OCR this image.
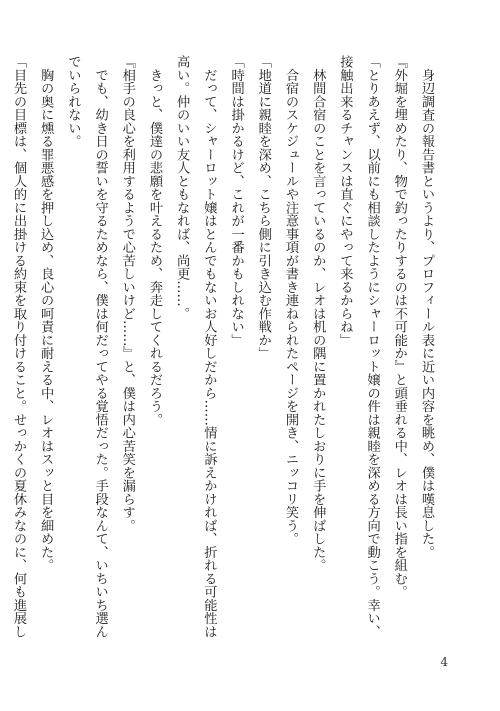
　身辺調査の報告書というより、プロフィール表に近い内容を眺め、僕は嘆息した。
『外堀を埋めたり、物で釣ったりするのは不可能か』と頭垂れる中、レオは長い指を組む。
「とりあえず、以前にも相談したようにシャーロット嬢の件は親睦を深める方向で動こう。幸い、
接触出来るチャンスは直ぐにやって来るからね」
　林間合宿のことを言っているのか、レオは机の隅に置かれたしおりに手を伸ばした。
　合宿のスケジュールや注意事項が書き連ねられたページを開き、ニッコリ笑う。
「地道に親睦を深め、こちら側に引き込む作戦か」
「時間は掛かるけど、これが一番かもしれない」
　だって、シャーロット嬢はとんでもないお人好しだから……情に訴えかければ、折れる可能性は
高い。仲のいい友人ともなれば、尚更……。
　きっと、僕達の悲願を叶えるため、奔走してくれるだろう。
『相手の良心を利用するようで心苦しいけど……』と、僕は内心苦笑を漏らす。
　でも、幼き日の誓いを守るためなら、僕は何だってやる覚悟だった。手段なんて、いちいち選ん
でいられない。
　胸の奥に燻る罪悪感を押し込め、良心の呵責に耐える中、レオはスッと目を細めた。
「目先の目標は、個人的に出掛ける約束を取り付けること。せっかくの夏休みなのに、何も進展し
4
